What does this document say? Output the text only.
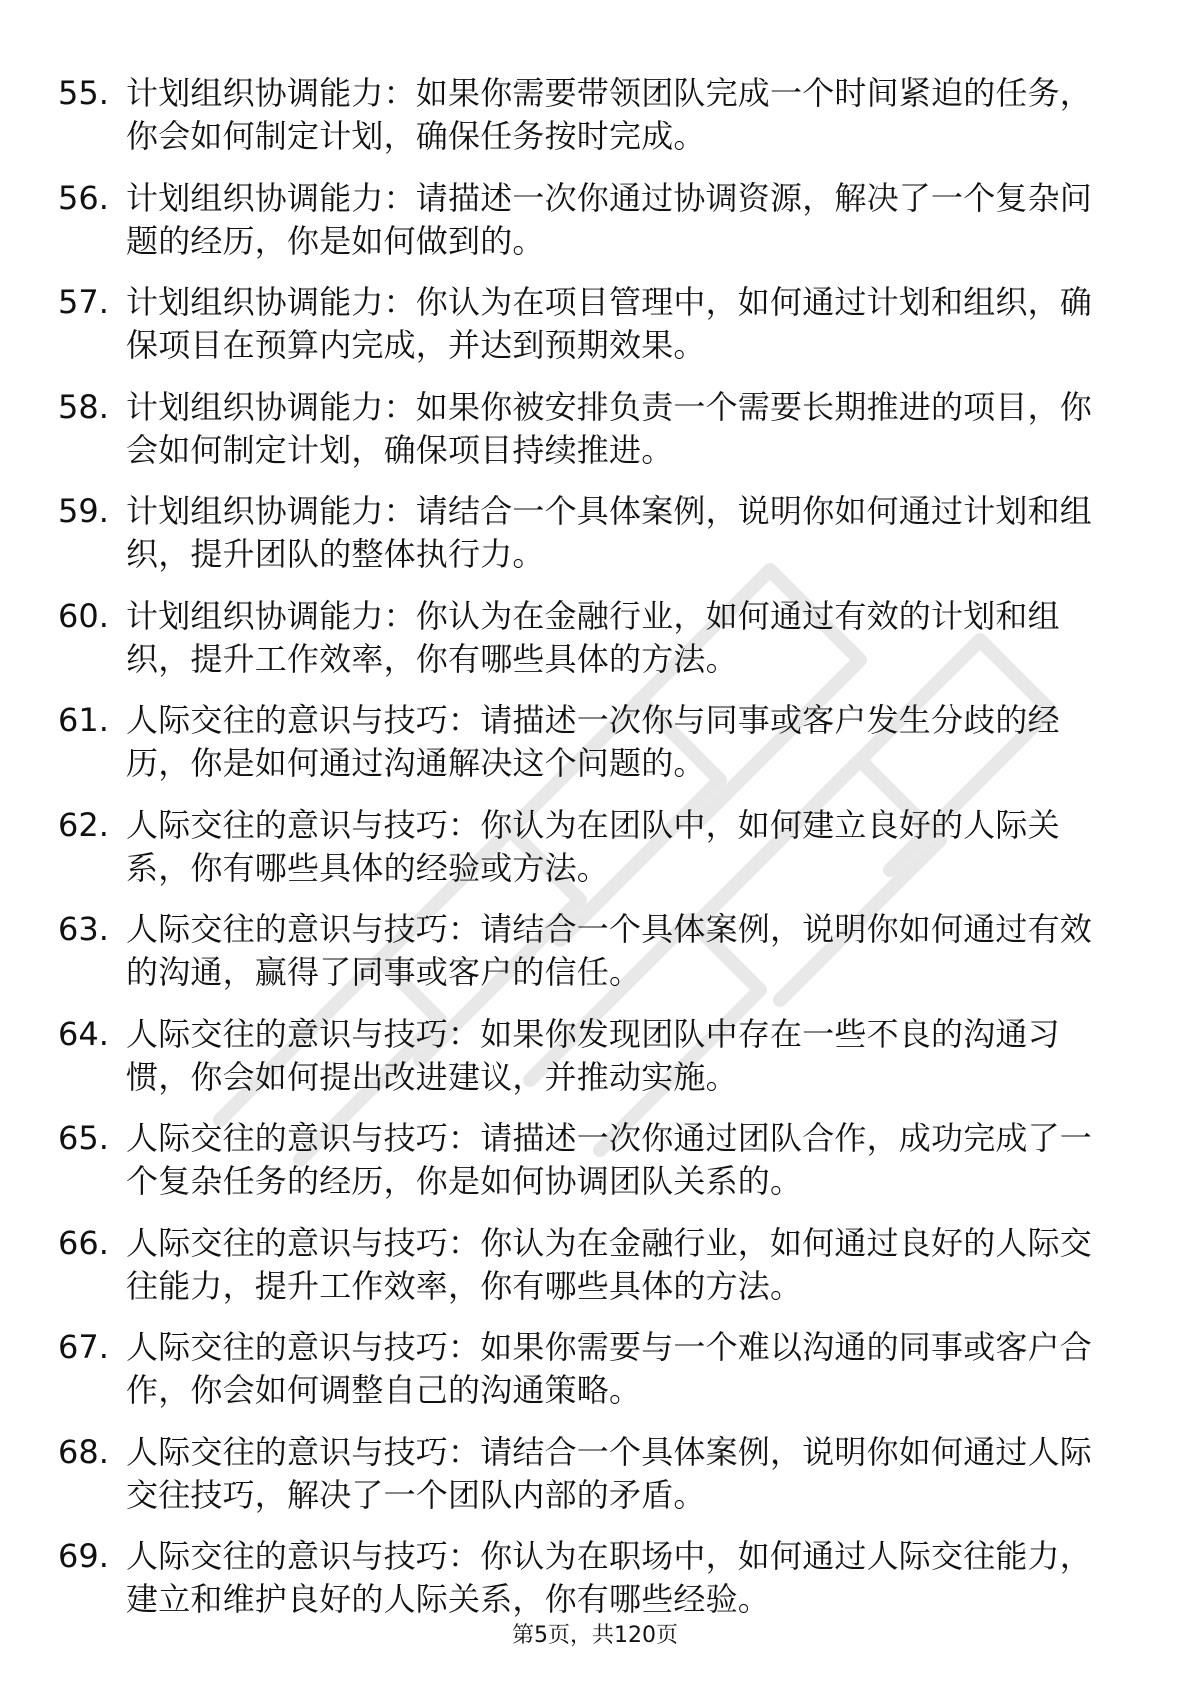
55. 计划组织协调能力：如果你需要带领团队完成一个时间紧迫的任务，你会如何制定计划，确保任务按时完成。
56. 计划组织协调能力：请描述一次你通过协调资源，解决了一个复杂问题的经历，你是如何做到的。
57. 计划组织协调能力：你认为在项目管理中，如何通过计划和组织，确保项目在预算内完成，并达到预期效果。
58. 计划组织协调能力：如果你被安排负责一个需要长期推进的项目，你会如何制定计划，确保项目持续推进。
59. 计划组织协调能力：请结合一个具体案例，说明你如何通过计划和组织，提升团队的整体执行力。
60. 计划组织协调能力：你认为在金融行业，如何通过有效的计划和组织，提升工作效率，你有哪些具体的方法。
61. 人际交往的意识与技巧：请描述一次你与同事或客户发生分歧的经历，你是如何通过沟通解决这个问题的。
62. 人际交往的意识与技巧：你认为在团队中，如何建立良好的人际关系，你有哪些具体的经验或方法。
63. 人际交往的意识与技巧：请结合一个具体案例，说明你如何通过有效的沟通，赢得了同事或客户的信任。
64. 人际交往的意识与技巧：如果你发现团队中存在一些不良的沟通习惯，你会如何提出改进建议，并推动实施。
65. 人际交往的意识与技巧：请描述一次你通过团队合作，成功完成了一个复杂任务的经历，你是如何协调团队关系的。
66. 人际交往的意识与技巧：你认为在金融行业，如何通过良好的人际交往能力，提升工作效率，你有哪些具体的方法。
67. 人际交往的意识与技巧：如果你需要与一个难以沟通的同事或客户合作，你会如何调整自己的沟通策略。
68. 人际交往的意识与技巧：请结合一个具体案例，说明你如何通过人际交往技巧，解决了一个团队内部的矛盾。
69. 人际交往的意识与技巧：你认为在职场中，如何通过人际交往能力，建立和维护良好的人际关系，你有哪些经验。
第5页，共120页
